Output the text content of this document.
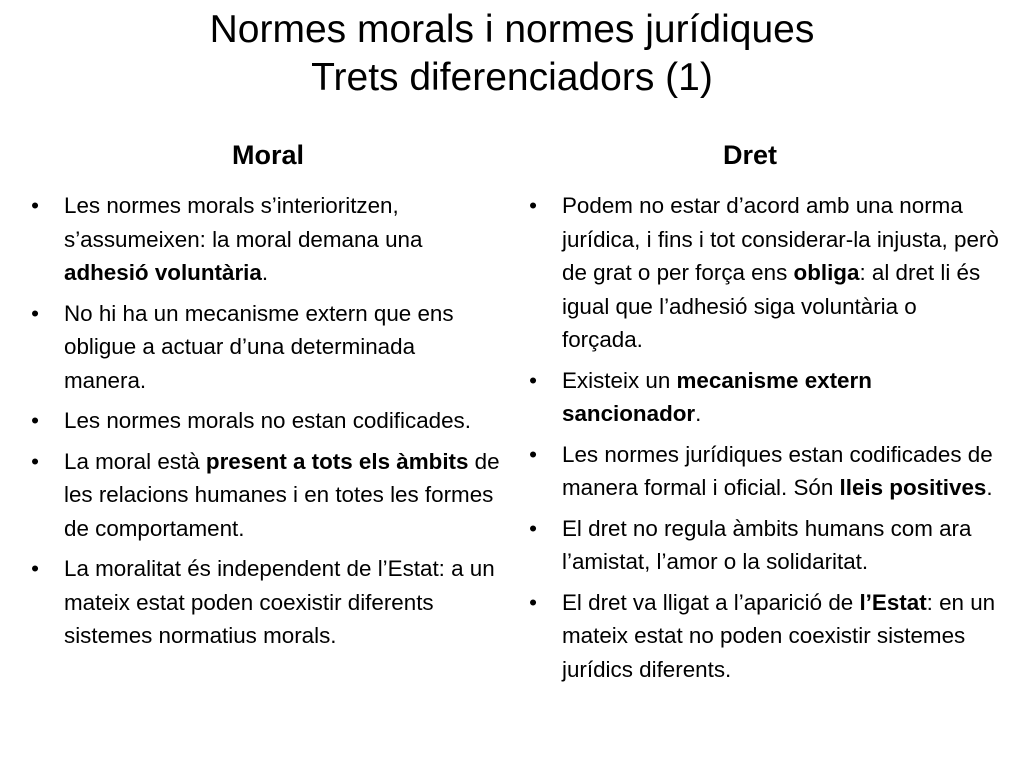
Normes morals i normes jurídiques
Trets diferenciadors (1)
Moral	Dret
• Les normes morals s’interioritzen, s’assumeixen: la moral demana una adhesió voluntària.
• No hi ha un mecanisme extern que ens obligue a actuar d’una determinada manera.
• Les normes morals no estan codificades.
• La moral està present a tots els àmbits de les relacions humanes i en totes les formes de comportament.
• La moralitat és independent de l’Estat: a un mateix estat poden coexistir diferents sistemes normatius morals.
• Podem no estar d’acord amb una norma jurídica, i fins i tot considerar-la injusta, però de grat o per força ens obliga: al dret li és igual que l’adhesió siga voluntària o forçada.
• Existeix un mecanisme extern sancionador.
• Les normes jurídiques estan codificades de manera formal i oficial. Són lleis positives.
• El dret no regula àmbits humans com ara l’amistat, l’amor o la solidaritat.
• El dret va lligat a l’aparició de l’Estat: en un mateix estat no poden coexistir sistemes jurídics diferents.
